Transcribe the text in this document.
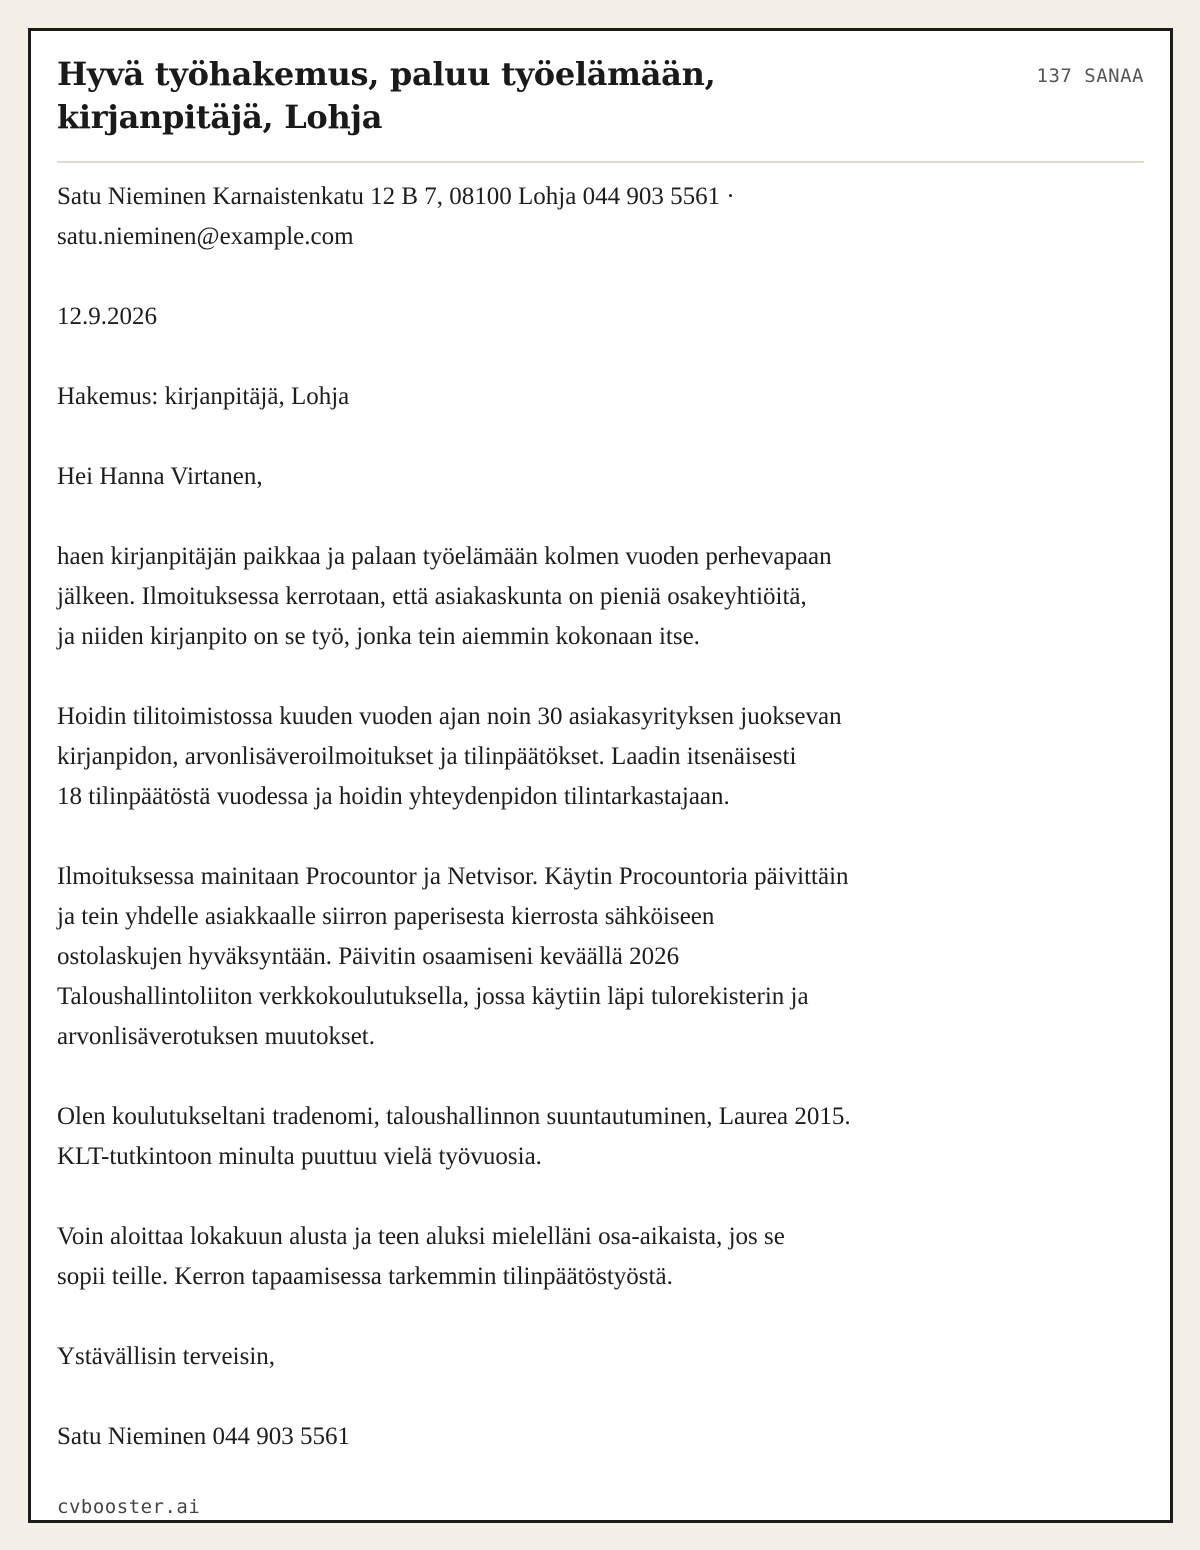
Hyvä työhakemus, paluu työelämään,
kirjanpitäjä, Lohja
137 SANAA

Satu Nieminen Karnaistenkatu 12 B 7, 08100 Lohja 044 903 5561 ·
satu.nieminen@example.com

12.9.2026

Hakemus: kirjanpitäjä, Lohja

Hei Hanna Virtanen,

haen kirjanpitäjän paikkaa ja palaan työelämään kolmen vuoden perhevapaan
jälkeen. Ilmoituksessa kerrotaan, että asiakaskunta on pieniä osakeyhtiöitä,
ja niiden kirjanpito on se työ, jonka tein aiemmin kokonaan itse.

Hoidin tilitoimistossa kuuden vuoden ajan noin 30 asiakasyrityksen juoksevan
kirjanpidon, arvonlisäveroilmoitukset ja tilinpäätökset. Laadin itsenäisesti
18 tilinpäätöstä vuodessa ja hoidin yhteydenpidon tilintarkastajaan.

Ilmoituksessa mainitaan Procountor ja Netvisor. Käytin Procountoria päivittäin
ja tein yhdelle asiakkaalle siirron paperisesta kierrosta sähköiseen
ostolaskujen hyväksyntään. Päivitin osaamiseni keväällä 2026
Taloushallintoliiton verkkokoulutuksella, jossa käytiin läpi tulorekisterin ja
arvonlisäverotuksen muutokset.

Olen koulutukseltani tradenomi, taloushallinnon suuntautuminen, Laurea 2015.
KLT-tutkintoon minulta puuttuu vielä työvuosia.

Voin aloittaa lokakuun alusta ja teen aluksi mielelläni osa-aikaista, jos se
sopii teille. Kerron tapaamisessa tarkemmin tilinpäätöstyöstä.

Ystävällisin terveisin,

Satu Nieminen 044 903 5561

cvbooster.ai
